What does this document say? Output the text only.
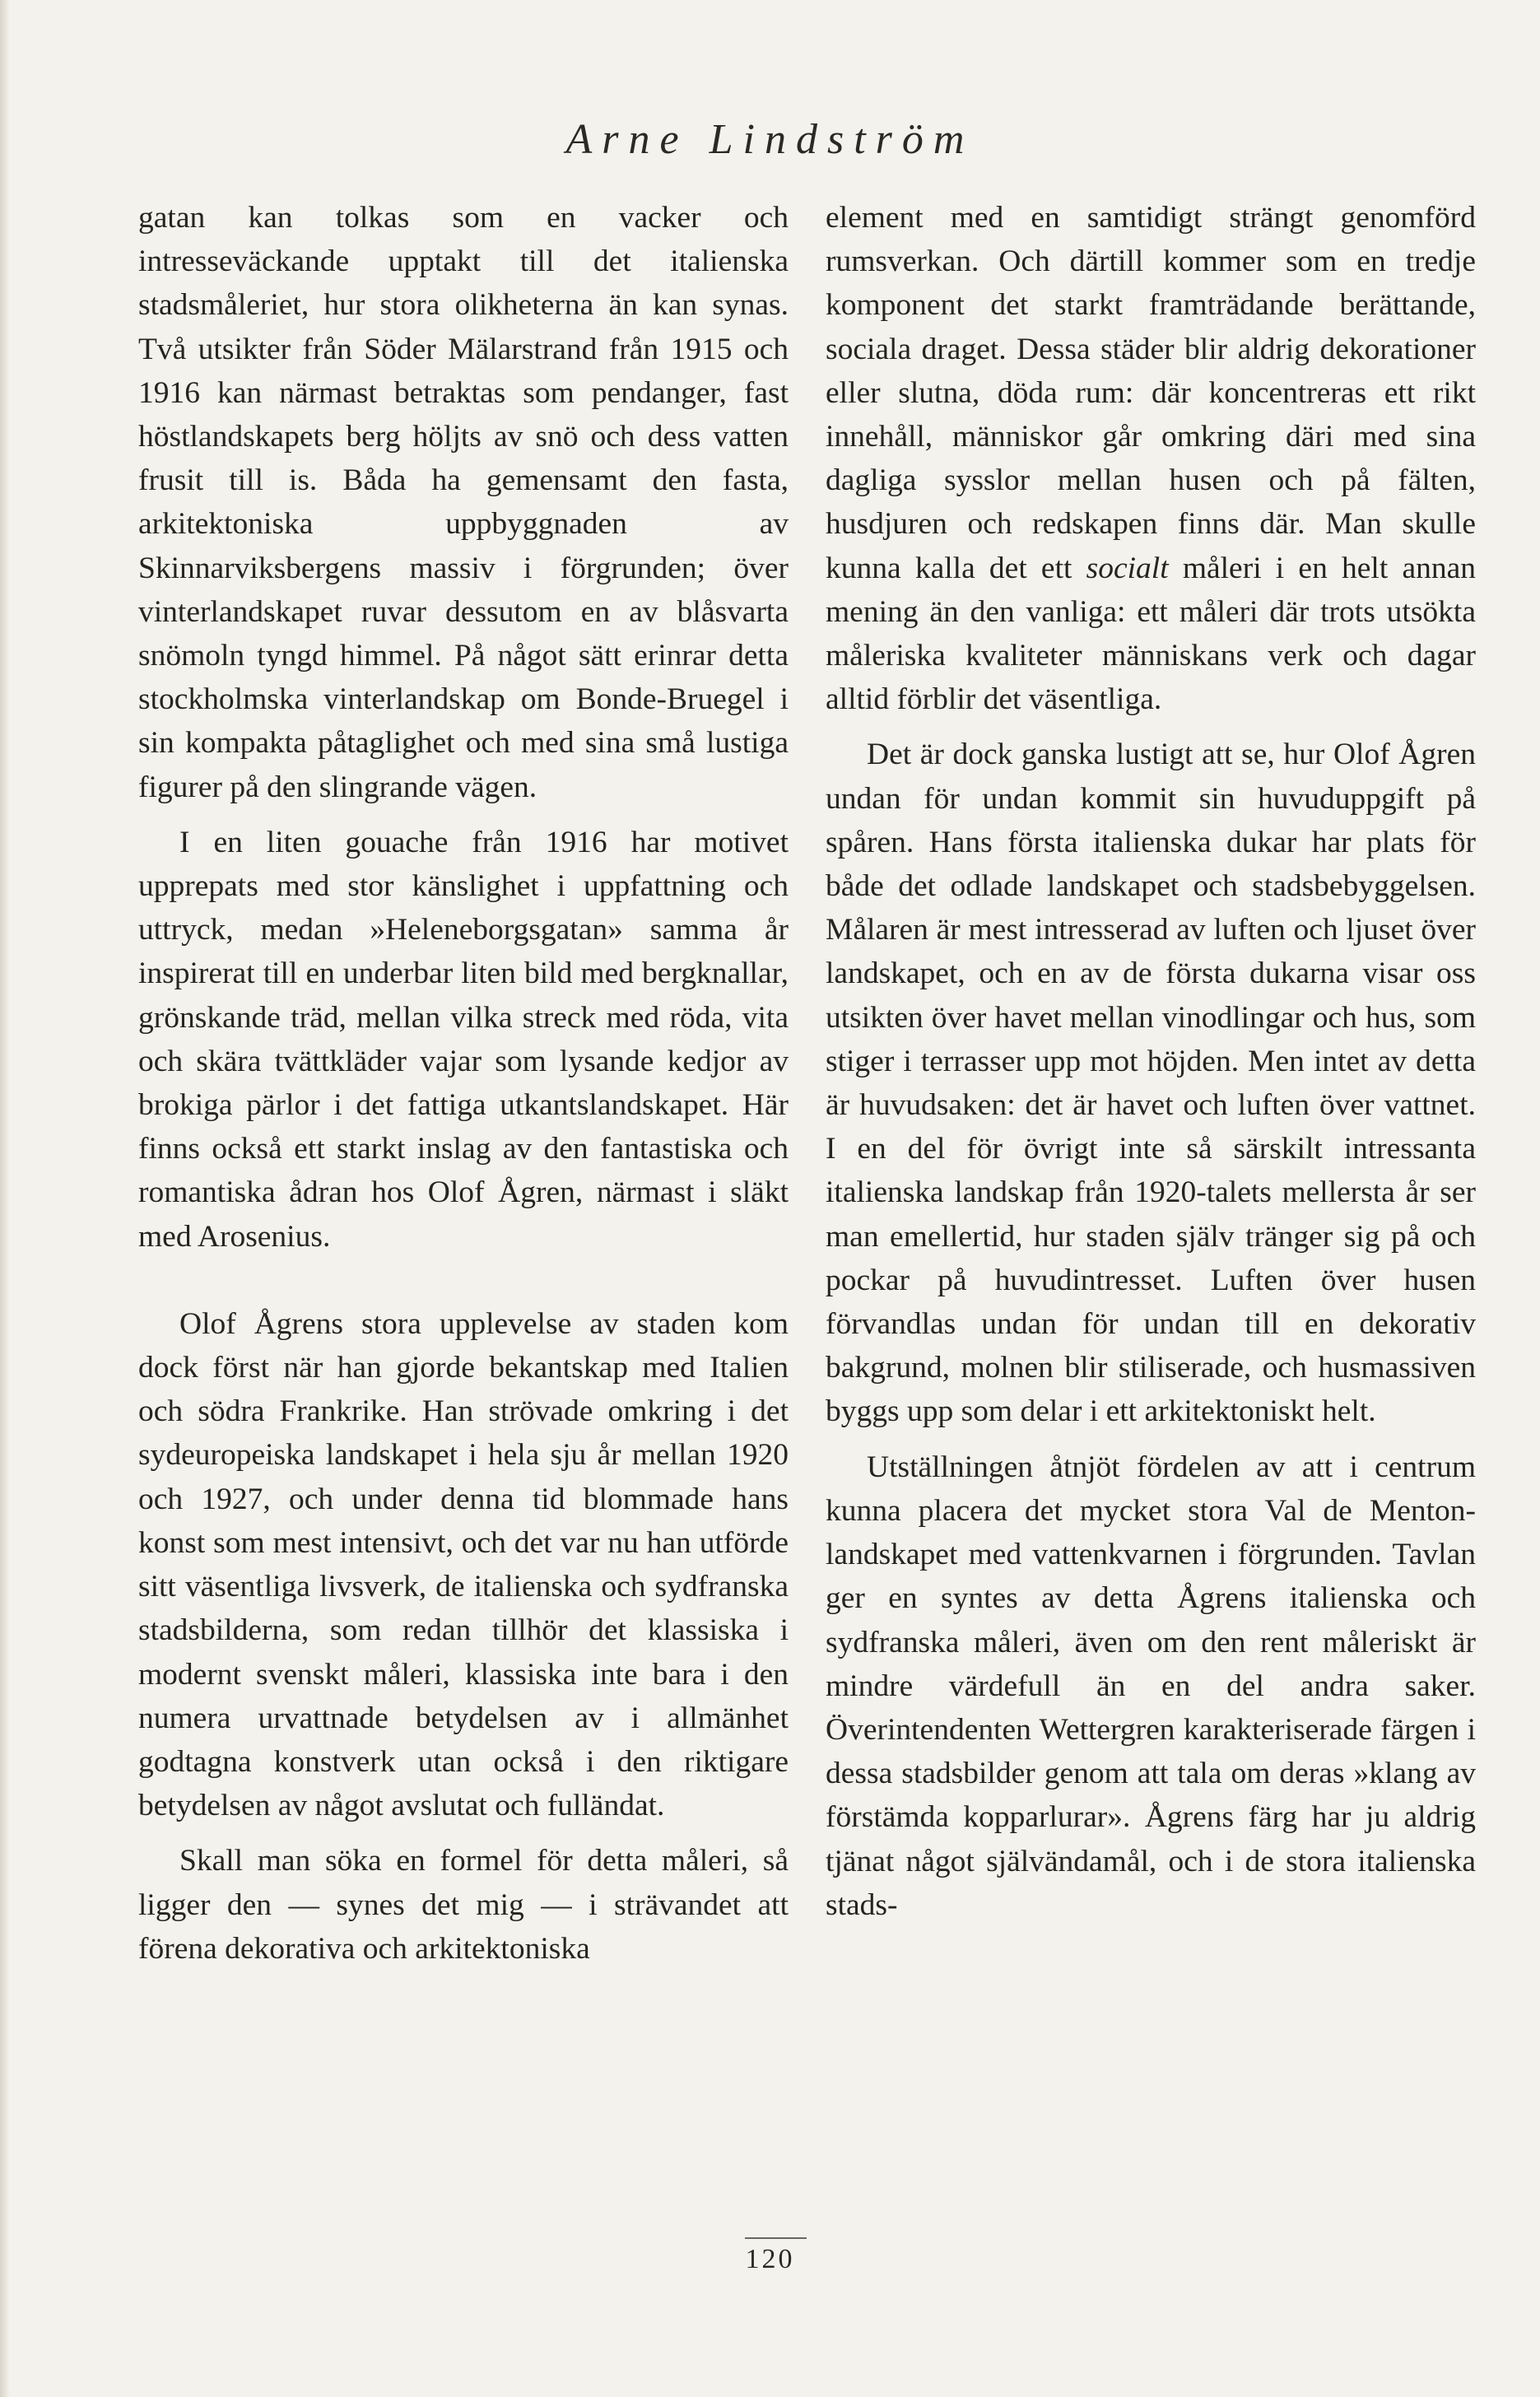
Arne Lindström

gatan kan tolkas som en vacker och intresseväckande upptakt till det italienska stadsmåleriet, hur stora olikheterna än kan synas. Två utsikter från Söder Mälarstrand från 1915 och 1916 kan närmast betraktas som pendanger, fast höstlandskapets berg höljts av snö och dess vatten frusit till is. Båda ha gemensamt den fasta, arkitektoniska uppbyggnaden av Skinnarviksbergens massiv i förgrunden; över vinterlandskapet ruvar dessutom en av blåsvarta snömoln tyngd himmel. På något sätt erinrar detta stockholmska vinterlandskap om Bonde-Bruegel i sin kompakta påtaglighet och med sina små lustiga figurer på den slingrande vägen.

I en liten gouache från 1916 har motivet upprepats med stor känslighet i uppfattning och uttryck, medan »Heleneborgsgatan» samma år inspirerat till en underbar liten bild med bergknallar, grönskande träd, mellan vilka streck med röda, vita och skära tvättkläder vajar som lysande kedjor av brokiga pärlor i det fattiga utkantslandskapet. Här finns också ett starkt inslag av den fantastiska och romantiska ådran hos Olof Ågren, närmast i släkt med Arosenius.

Olof Ågrens stora upplevelse av staden kom dock först när han gjorde bekantskap med Italien och södra Frankrike. Han strövade omkring i det sydeuropeiska landskapet i hela sju år mellan 1920 och 1927, och under denna tid blommade hans konst som mest intensivt, och det var nu han utförde sitt väsentliga livsverk, de italienska och sydfranska stadsbilderna, som redan tillhör det klassiska i modernt svenskt måleri, klassiska inte bara i den numera urvattnade betydelsen av i allmänhet godtagna konstverk utan också i den riktigare betydelsen av något avslutat och fulländat.

Skall man söka en formel för detta måleri, så ligger den — synes det mig — i strävandet att förena dekorativa och arkitektoniska

element med en samtidigt strängt genomförd rumsverkan. Och därtill kommer som en tredje komponent det starkt framträdande berättande, sociala draget. Dessa städer blir aldrig dekorationer eller slutna, döda rum: där koncentreras ett rikt innehåll, människor går omkring däri med sina dagliga sysslor mellan husen och på fälten, husdjuren och redskapen finns där. Man skulle kunna kalla det ett socialt måleri i en helt annan mening än den vanliga: ett måleri där trots utsökta måleriska kvaliteter människans verk och dagar alltid förblir det väsentliga.

Det är dock ganska lustigt att se, hur Olof Ågren undan för undan kommit sin huvuduppgift på spåren. Hans första italienska dukar har plats för både det odlade landskapet och stadsbebyggelsen. Målaren är mest intresserad av luften och ljuset över landskapet, och en av de första dukarna visar oss utsikten över havet mellan vinodlingar och hus, som stiger i terrasser upp mot höjden. Men intet av detta är huvudsaken: det är havet och luften över vattnet. I en del för övrigt inte så särskilt intressanta italienska landskap från 1920-talets mellersta år ser man emellertid, hur staden själv tränger sig på och pockar på huvudintresset. Luften över husen förvandlas undan för undan till en dekorativ bakgrund, molnen blir stiliserade, och husmassiven byggs upp som delar i ett arkitektoniskt helt.

Utställningen åtnjöt fördelen av att i centrum kunna placera det mycket stora Val de Menton-landskapet med vattenkvarnen i förgrunden. Tavlan ger en syntes av detta Ågrens italienska och sydfranska måleri, även om den rent måleriskt är mindre värdefull än en del andra saker. Överintendenten Wettergren karakteriserade färgen i dessa stadsbilder genom att tala om deras »klang av förstämda kopparlurar». Ågrens färg har ju aldrig tjänat något självändamål, och i de stora italienska stads-

120
